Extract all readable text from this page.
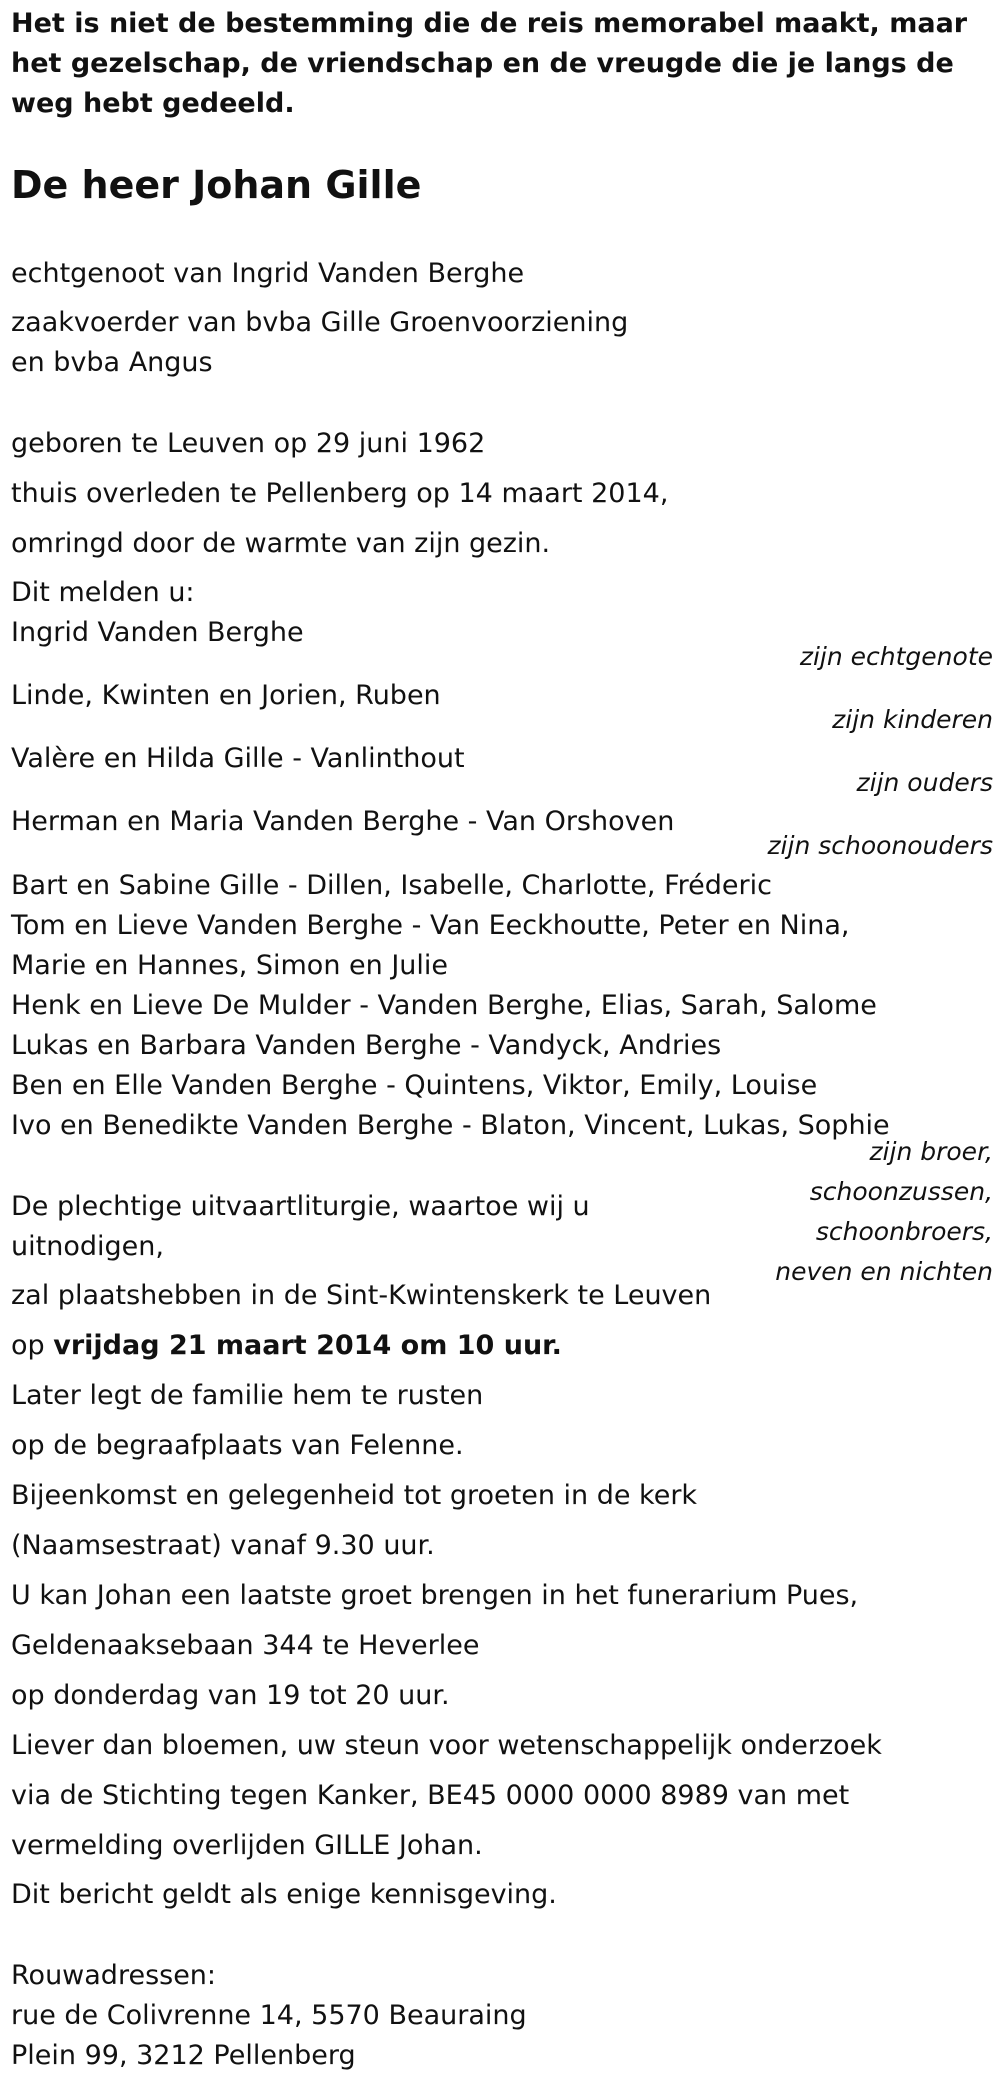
Het is niet de bestemming die de reis memorabel maakt, maar het gezelschap, de vriendschap en de vreugde die je langs de weg hebt gedeeld.

De heer Johan Gille

echtgenoot van Ingrid Vanden Berghe

zaakvoerder van bvba Gille Groenvoorziening

en bvba Angus

geboren te Leuven op 29 juni 1962

thuis overleden te Pellenberg op 14 maart 2014,

omringd door de warmte van zijn gezin.

Dit melden u:

Ingrid Vanden Berghe

zijn echtgenote

Linde, Kwinten en Jorien, Ruben

zijn kinderen

Valère en Hilda Gille - Vanlinthout

zijn ouders

Herman en Maria Vanden Berghe - Van Orshoven

zijn schoonouders

Bart en Sabine Gille - Dillen, Isabelle, Charlotte, Fréderic

Tom en Lieve Vanden Berghe - Van Eeckhoutte, Peter en Nina,

Marie en Hannes, Simon en Julie

Henk en Lieve De Mulder - Vanden Berghe, Elias, Sarah, Salome

Lukas en Barbara Vanden Berghe - Vandyck, Andries

Ben en Elle Vanden Berghe - Quintens, Viktor, Emily, Louise

Ivo en Benedikte Vanden Berghe - Blaton, Vincent, Lukas, Sophie

zijn broer,

schoonzussen,

schoonbroers,

neven en nichten

De plechtige uitvaartliturgie, waartoe wij u

uitnodigen,

zal plaatshebben in de Sint-Kwintenskerk te Leuven

op vrijdag 21 maart 2014 om 10 uur.

Later legt de familie hem te rusten

op de begraafplaats van Felenne.

Bijeenkomst en gelegenheid tot groeten in de kerk

(Naamsestraat) vanaf 9.30 uur.

U kan Johan een laatste groet brengen in het funerarium Pues,

Geldenaaksebaan 344 te Heverlee

op donderdag van 19 tot 20 uur.

Liever dan bloemen, uw steun voor wetenschappelijk onderzoek

via de Stichting tegen Kanker, BE45 0000 0000 8989 van met

vermelding overlijden GILLE Johan.

Dit bericht geldt als enige kennisgeving.

Rouwadressen:

rue de Colivrenne 14, 5570 Beauraing

Plein 99, 3212 Pellenberg
